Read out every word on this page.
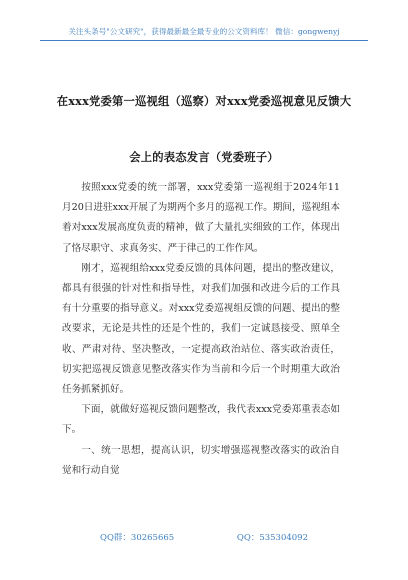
关注头条号"公文研究"，获得最新最全最专业的公文资料库！ 微信：gongwenyj
在xxx党委第一巡视组（巡察）对xxx党委巡视意见反馈大
会上的表态发言（党委班子）

按照xxx党委的统一部署，xxx党委第一巡视组于2024年11月20日进驻xxx开展了为期两个多月的巡视工作。期间，巡视组本着对xxx发展高度负责的精神，做了大量扎实细致的工作，体现出了恪尽职守、求真务实、严于律己的工作作风。

刚才，巡视组给xxx党委反馈的具体问题，提出的整改建议，都具有很强的针对性和指导性，对我们加强和改进今后的工作具有十分重要的指导意义。对xxx党委巡视组反馈的问题、提出的整改要求，无论是共性的还是个性的，我们一定诚恳接受、照单全收、严肃对待、坚决整改，一定提高政治站位、落实政治责任，切实把巡视反馈意见整改落实作为当前和今后一个时期重大政治任务抓紧抓好。

下面，就做好巡视反馈问题整改，我代表xxx党委郑重表态如下。

一、统一思想，提高认识，切实增强巡视整改落实的政治自觉和行动自觉

QQ群：30265665	QQ：535304092
